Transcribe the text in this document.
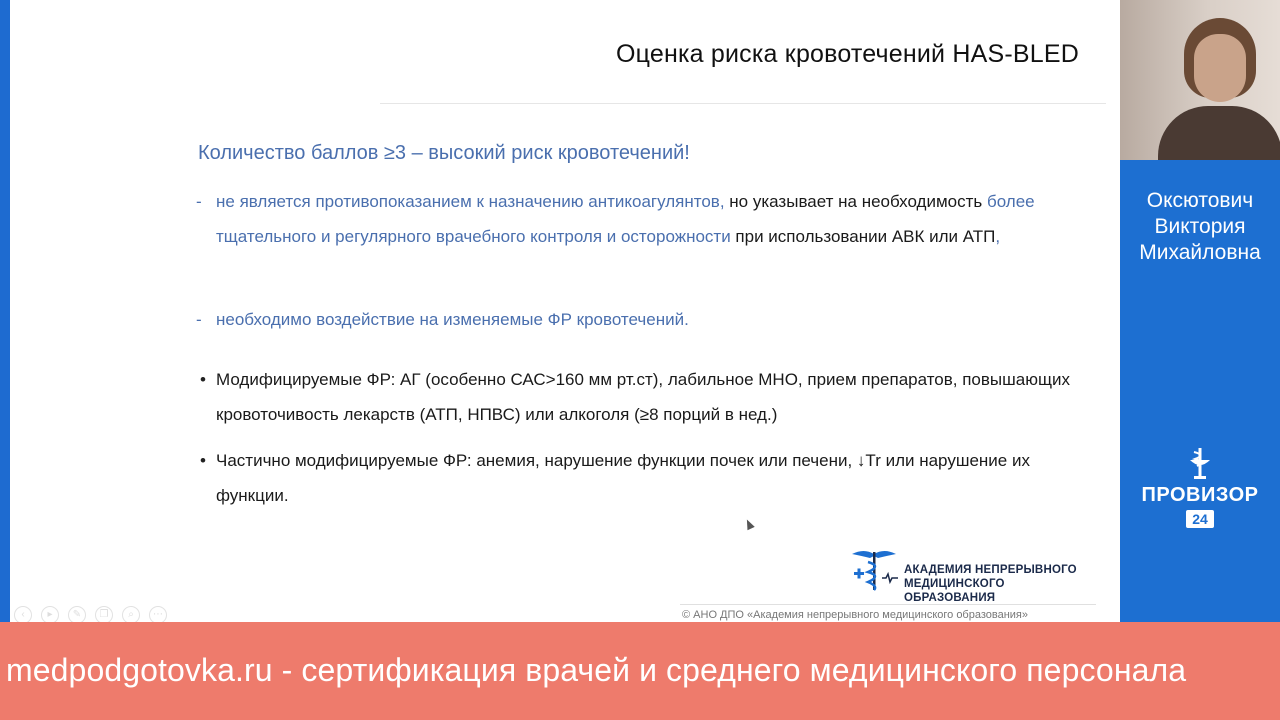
Оценка риска кровотечений HAS-BLED
Количество баллов ≥3 – высокий риск кровотечений!
- не является противопоказанием к назначению антикоагулянтов, но указывает на необходимость более тщательного и регулярного врачебного контроля и осторожности при использовании АВК или АТП,
- необходимо воздействие на изменяемые ФР кровотечений.
• Модифицируемые ФР: АГ (особенно САС>160 мм рт.ст), лабильное МНО, прием препаратов, повышающих кровоточивость лекарств (АТП, НПВС) или алкоголя (≥8 порций в нед.)
• Частично модифицируемые ФР: анемия, нарушение функции почек или печени, ↓Tr или нарушение их функции.
АКАДЕМИЯ НЕПРЕРЫВНОГО
МЕДИЦИНСКОГО ОБРАЗОВАНИЯ
© АНО ДПО «Академия непрерывного медицинского образования»
‹	▸	✎	❐	⌕	⋯
Оксютович
Виктория
Михайловна
ПРОВИЗОР
24
medpodgotovka.ru - сертификация врачей и среднего медицинского персонала
